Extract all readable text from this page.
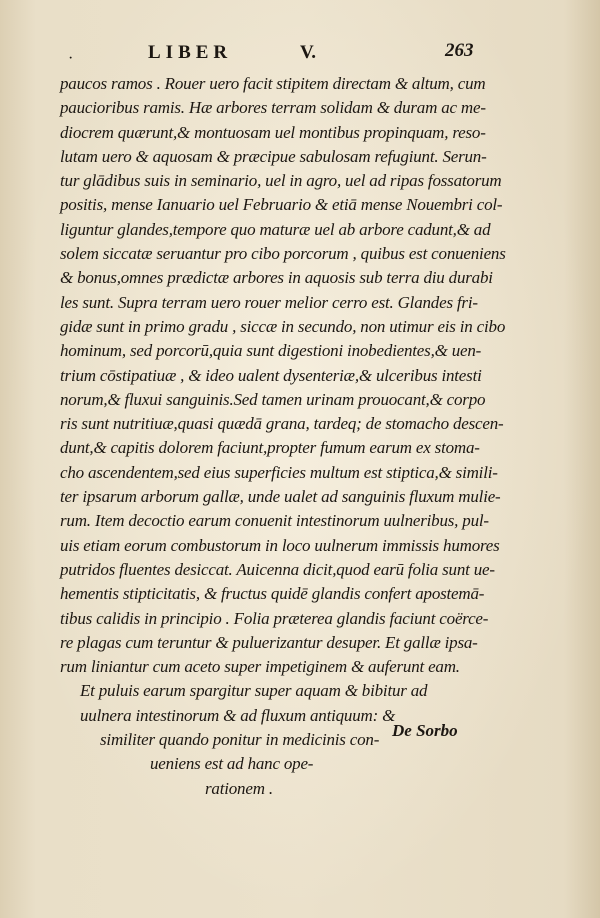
·	LIBER	V.	263
paucos ramos . Rouer uero facit stipitem directam & altum, cum
paucioribus ramis. Hæ arbores terram solidam & duram ac me-
diocrem quærunt,& montuosam uel montibus propinquam, reso-
lutam uero & aquosam & præcipue sabulosam refugiunt. Serun-
tur glādibus suis in seminario, uel in agro, uel ad ripas fossatorum
positis, mense Ianuario uel Februario & etiā mense Nouembri col-
liguntur glandes,tempore quo maturæ uel ab arbore cadunt,& ad
solem siccatæ seruantur pro cibo porcorum , quibus est conueniens
& bonus,omnes prædictæ arbores in aquosis sub terra diu durabi
les sunt. Supra terram uero rouer melior cerro est. Glandes fri-
gidæ sunt in primo gradu , siccæ in secundo, non utimur eis in cibo
hominum, sed porcorū,quia sunt digestioni inobedientes,& uen-
trium cōstipatiuæ , & ideo ualent dysenteriæ,& ulceribus intesti
norum,& fluxui sanguinis.Sed tamen urinam prouocant,& corpo
ris sunt nutritiuæ,quasi quædā grana, tardeq; de stomacho descen-
dunt,& capitis dolorem faciunt,propter fumum earum ex stoma-
cho ascendentem,sed eius superficies multum est stiptica,& simili-
ter ipsarum arborum gallæ, unde ualet ad sanguinis fluxum mulie-
rum. Item decoctio earum conuenit intestinorum uulneribus, pul-
uis etiam eorum combustorum in loco uulnerum immissis humores
putridos fluentes desiccat. Auicenna dicit,quod earū folia sunt ue-
hementis stipticitatis, & fructus quidē glandis confert apostemā-
tibus calidis in principio . Folia præterea glandis faciunt coërce-
re plagas cum teruntur & puluerizantur desuper. Et gallæ ipsa-
rum liniantur cum aceto super impetiginem & auferunt eam.
Et puluis earum spargitur super aquam & bibitur ad
uulnera intestinorum & ad fluxum antiquum: &
similiter quando ponitur in medicinis con-
ueniens est ad hanc ope-
rationem .
De Sorbo
